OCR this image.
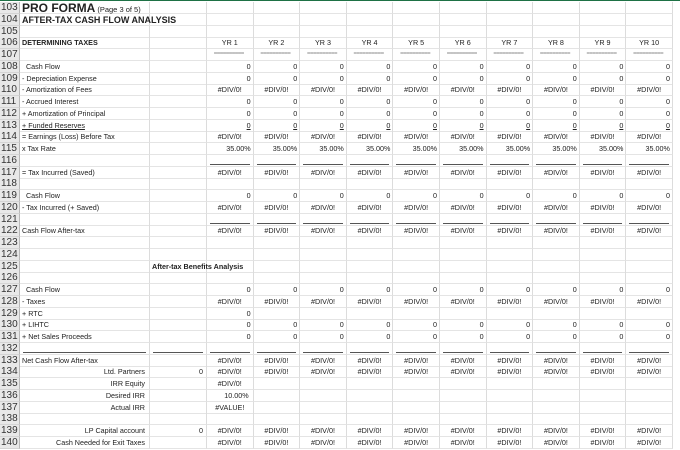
103 PRO FORMA (Page 3 of 5)
104 AFTER-TAX CASH FLOW ANALYSIS
105
106 DETERMINING TAXES	YR 1	YR 2	YR 3	YR 4	YR 5	YR 6	YR 7	YR 8	YR 9	YR 10
107	==========	==========	==========	==========	==========	==========	==========	==========	==========	==========
108 Cash Flow	0	0	0	0	0	0	0	0	0	0
109 - Depreciation Expense	0	0	0	0	0	0	0	0	0	0
110 - Amortization of Fees	#DIV/0!	#DIV/0!	#DIV/0!	#DIV/0!	#DIV/0!	#DIV/0!	#DIV/0!	#DIV/0!	#DIV/0!	#DIV/0!
111 - Accrued Interest	0	0	0	0	0	0	0	0	0	0
112 + Amortization of Principal	0	0	0	0	0	0	0	0	0	0
113 + Funded Reserves	0	0	0	0	0	0	0	0	0	0
114 = Earnings (Loss) Before Tax	#DIV/0!	#DIV/0!	#DIV/0!	#DIV/0!	#DIV/0!	#DIV/0!	#DIV/0!	#DIV/0!	#DIV/0!	#DIV/0!
115 x Tax Rate	35.00%	35.00%	35.00%	35.00%	35.00%	35.00%	35.00%	35.00%	35.00%	35.00%
116
117 = Tax Incurred (Saved)	#DIV/0!	#DIV/0!	#DIV/0!	#DIV/0!	#DIV/0!	#DIV/0!	#DIV/0!	#DIV/0!	#DIV/0!	#DIV/0!
118
119 Cash Flow	0	0	0	0	0	0	0	0	0	0
120 - Tax Incurred (+ Saved)	#DIV/0!	#DIV/0!	#DIV/0!	#DIV/0!	#DIV/0!	#DIV/0!	#DIV/0!	#DIV/0!	#DIV/0!	#DIV/0!
121
122 Cash Flow After-tax	#DIV/0!	#DIV/0!	#DIV/0!	#DIV/0!	#DIV/0!	#DIV/0!	#DIV/0!	#DIV/0!	#DIV/0!	#DIV/0!
123
124
125	After-tax Benefits Analysis
126
127 Cash Flow	0	0	0	0	0	0	0	0	0	0
128 - Taxes	#DIV/0!	#DIV/0!	#DIV/0!	#DIV/0!	#DIV/0!	#DIV/0!	#DIV/0!	#DIV/0!	#DIV/0!	#DIV/0!
129 + RTC	0
130 + LIHTC	0	0	0	0	0	0	0	0	0	0
131 + Net Sales Proceeds	0	0	0	0	0	0	0	0	0	0
132
133 Net Cash Flow After-tax	#DIV/0!	#DIV/0!	#DIV/0!	#DIV/0!	#DIV/0!	#DIV/0!	#DIV/0!	#DIV/0!	#DIV/0!	#DIV/0!
134	Ltd. Partners	0	#DIV/0!	#DIV/0!	#DIV/0!	#DIV/0!	#DIV/0!	#DIV/0!	#DIV/0!	#DIV/0!	#DIV/0!	#DIV/0!
135	IRR Equity	#DIV/0!
136	Desired IRR	10.00%
137	Actual IRR	#VALUE!
138
139	LP Capital account	0	#DIV/0!	#DIV/0!	#DIV/0!	#DIV/0!	#DIV/0!	#DIV/0!	#DIV/0!	#DIV/0!	#DIV/0!	#DIV/0!
140	Cash Needed for Exit Taxes	#DIV/0!	#DIV/0!	#DIV/0!	#DIV/0!	#DIV/0!	#DIV/0!	#DIV/0!	#DIV/0!	#DIV/0!	#DIV/0!
